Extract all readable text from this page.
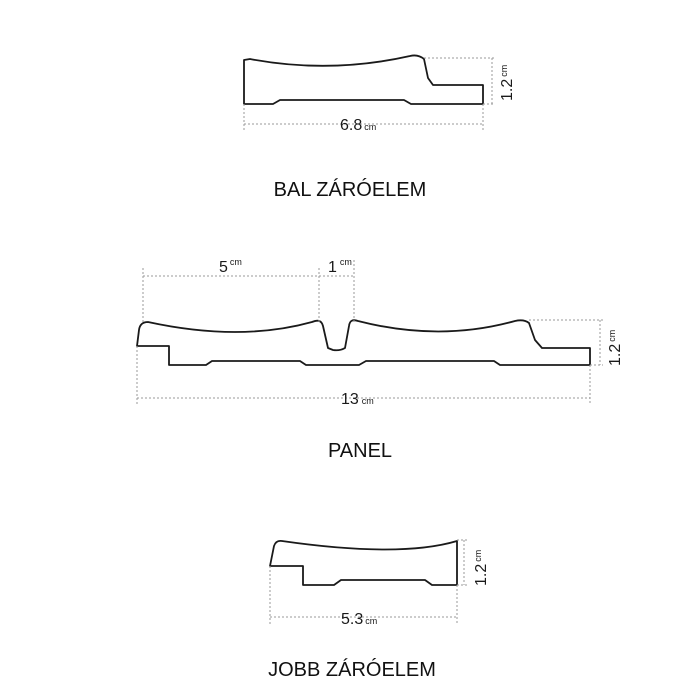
6.8 cm
$1.2^{cm}$
BAL ZÁRÓELEM
5 $^{cm}$	1 $^{cm}$
13 cm
$1.2^{cm}$
PANEL
5.3 cm
$1.2^{cm}$
JOBB ZÁRÓELEM
